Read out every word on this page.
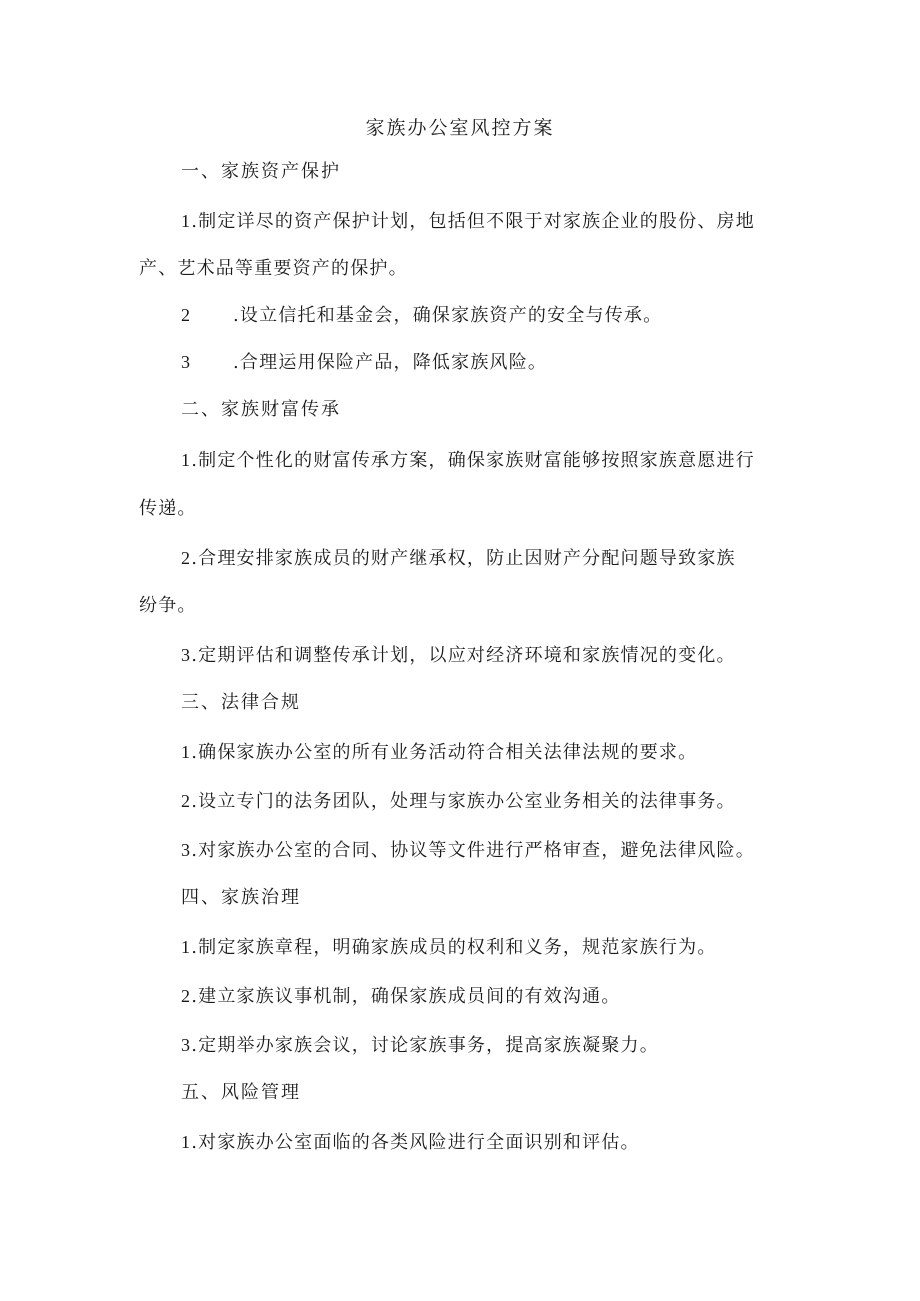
家族办公室风控方案
一、家族资产保护
1.制定详尽的资产保护计划，包括但不限于对家族企业的股份、房地
产、艺术品等重要资产的保护。
2 .设立信托和基金会，确保家族资产的安全与传承。
3 .合理运用保险产品，降低家族风险。
二、家族财富传承
1.制定个性化的财富传承方案，确保家族财富能够按照家族意愿进行
传递。
2.合理安排家族成员的财产继承权，防止因财产分配问题导致家族
纷争。
3.定期评估和调整传承计划，以应对经济环境和家族情况的变化。
三、法律合规
1.确保家族办公室的所有业务活动符合相关法律法规的要求。
2.设立专门的法务团队，处理与家族办公室业务相关的法律事务。
3.对家族办公室的合同、协议等文件进行严格审查，避免法律风险。
四、家族治理
1.制定家族章程，明确家族成员的权利和义务，规范家族行为。
2.建立家族议事机制，确保家族成员间的有效沟通。
3.定期举办家族会议，讨论家族事务，提高家族凝聚力。
五、风险管理
1.对家族办公室面临的各类风险进行全面识别和评估。
